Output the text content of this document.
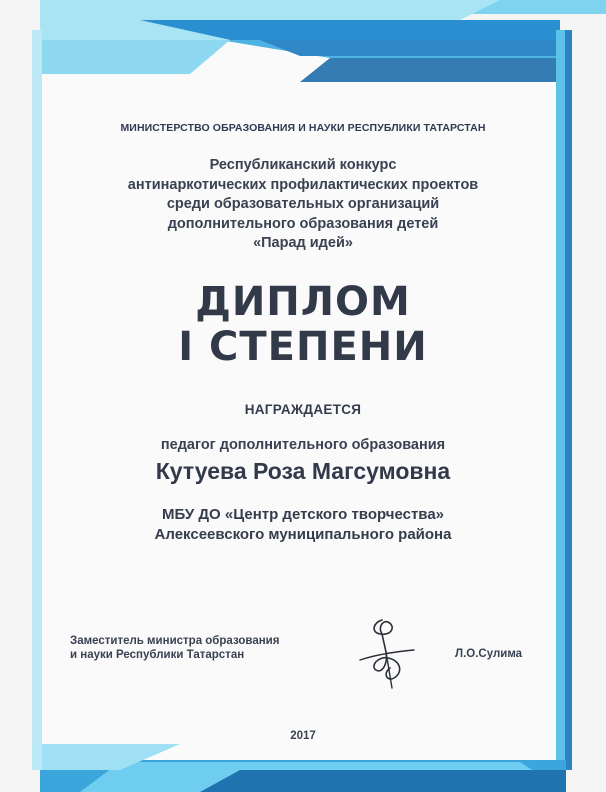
МИНИСТЕРСТВО ОБРАЗОВАНИЯ И НАУКИ РЕСПУБЛИКИ ТАТАРСТАН
Республиканский конкурс
антинаркотических профилактических проектов
среди образовательных организаций
дополнительного образования детей
«Парад идей»
ДИПЛОМ
I СТЕПЕНИ
НАГРАЖДАЕТСЯ
педагог дополнительного образования
Кутуева Роза Магсумовна
МБУ ДО «Центр детского творчества»
Алексеевского муниципального района
Заместитель министра образования
и науки Республики Татарстан	Л.О.Сулима
2017
